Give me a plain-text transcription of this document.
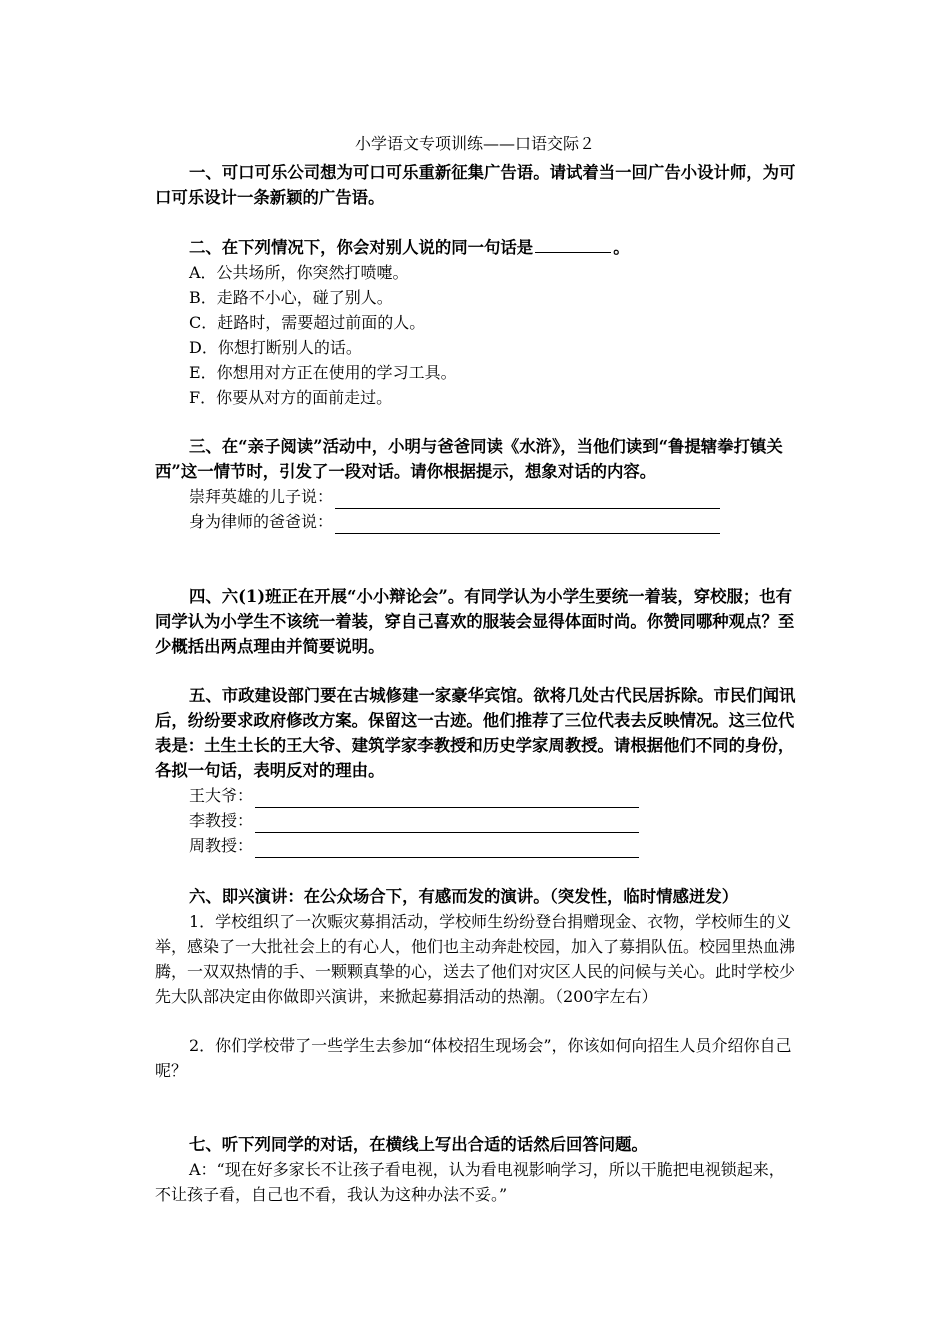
小学语文专项训练——口语交际２
一、可口可乐公司想为可口可乐重新征集广告语。请试着当一回广告小设计师，为可口可乐设计一条新颖的广告语。
二、在下列情况下，你会对别人说的同一句话是	。
A．公共场所，你突然打喷嚏。
B．走路不小心，碰了别人。
C．赶路时，需要超过前面的人。
D．你想打断别人的话。
E．你想用对方正在使用的学习工具。
F．你要从对方的面前走过。
三、在“亲子阅读”活动中，小明与爸爸同读《水浒》，当他们读到“鲁提辖拳打镇关西”这一情节时，引发了一段对话。请你根据提示，想象对话的内容。
崇拜英雄的儿子说：
身为律师的爸爸说：
四、六(1)班正在开展“小小辩论会”。有同学认为小学生要统一着装，穿校服；也有同学认为小学生不该统一着装，穿自己喜欢的服装会显得体面时尚。你赞同哪种观点？至少概括出两点理由并简要说明。
五、市政建设部门要在古城修建一家豪华宾馆。欲将几处古代民居拆除。市民们闻讯后，纷纷要求政府修改方案。保留这一古迹。他们推荐了三位代表去反映情况。这三位代表是：土生土长的王大爷、建筑学家李教授和历史学家周教授。请根据他们不同的身份，各拟一句话，表明反对的理由。
王大爷：
李教授：
周教授：
六、即兴演讲：在公众场合下，有感而发的演讲。（突发性，临时情感迸发）
1．学校组织了一次赈灾募捐活动，学校师生纷纷登台捐赠现金、衣物，学校师生的义举，感染了一大批社会上的有心人，他们也主动奔赴校园，加入了募捐队伍。校园里热血沸腾，一双双热情的手、一颗颗真挚的心，送去了他们对灾区人民的问候与关心。此时学校少先大队部决定由你做即兴演讲，来掀起募捐活动的热潮。（200字左右）
2．你们学校带了一些学生去参加“体校招生现场会”，你该如何向招生人员介绍你自己呢？
七、听下列同学的对话，在横线上写出合适的话然后回答问题。
A：“现在好多家长不让孩子看电视，认为看电视影响学习，所以干脆把电视锁起来，不让孩子看，自己也不看，我认为这种办法不妥。”
